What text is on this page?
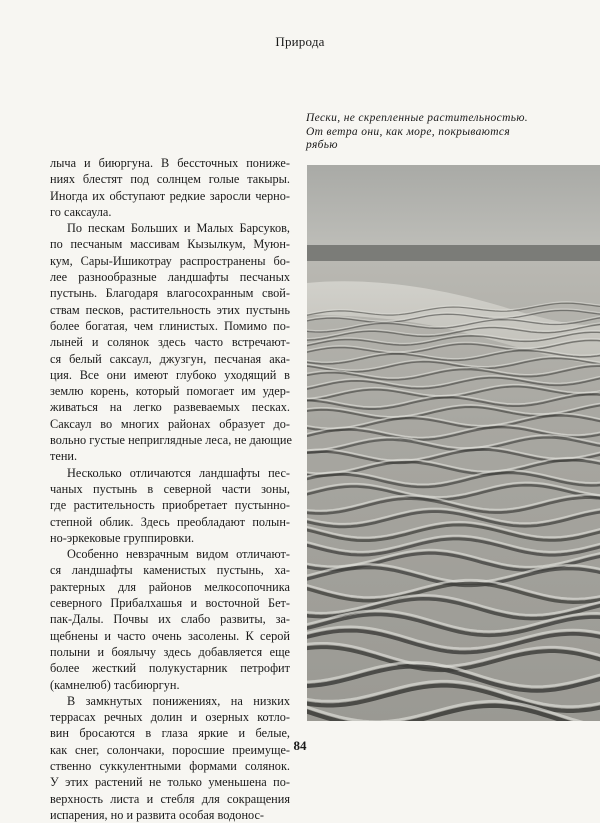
Природа
Пески, не скрепленные растительностью.
От ветра они, как море, покрываются
рябью

лыча и биюргуна. В бессточных пониже-

ниях блестят под солнцем голые такыры.

Иногда их обступают редкие заросли черно-

го саксаула.

По пескам Больших и Малых Барсуков,

по песчаным массивам Кызылкум, Муюн-

кум, Сары-Ишикотрау распространены бо-

лее разнообразные ландшафты песчаных

пустынь. Благодаря влагосохранным свой-

ствам песков, растительность этих пустынь

более богатая, чем глинистых. Помимо по-

лыней и солянок здесь часто встречают-

ся белый саксаул, джузгун, песчаная ака-

ция. Все они имеют глубоко уходящий в

землю корень, который помогает им удер-

живаться на легко развеваемых песках.

Саксаул во многих районах образует до-

вольно густые неприглядные леса, не дающие

тени.

Несколько отличаются ландшафты пес-

чаных пустынь в северной части зоны,

где растительность приобретает пустынно-

степной облик. Здесь преобладают полын-

но-эркековые группировки.

Особенно невзрачным видом отличают-

ся ландшафты каменистых пустынь, ха-

рактерных для районов мелкосопочника

северного Прибалхашья и восточной Бет-

пак-Далы. Почвы их слабо развиты, за-

щебнены и часто очень засолены. К серой

полыни и боялычу здесь добавляется еще

более жесткий полукустарник петрофит

(камнелюб) тасбиюргун.

В замкнутых понижениях, на низких

террасах речных долин и озерных котло-

вин бросаются в глаза яркие и белые,

как снег, солончаки, поросшие преимуще-

ственно суккулентными формами солянок.

У этих растений не только уменьшена по-

верхность листа и стебля для сокращения

испарения, но и развита особая водонос-

84
